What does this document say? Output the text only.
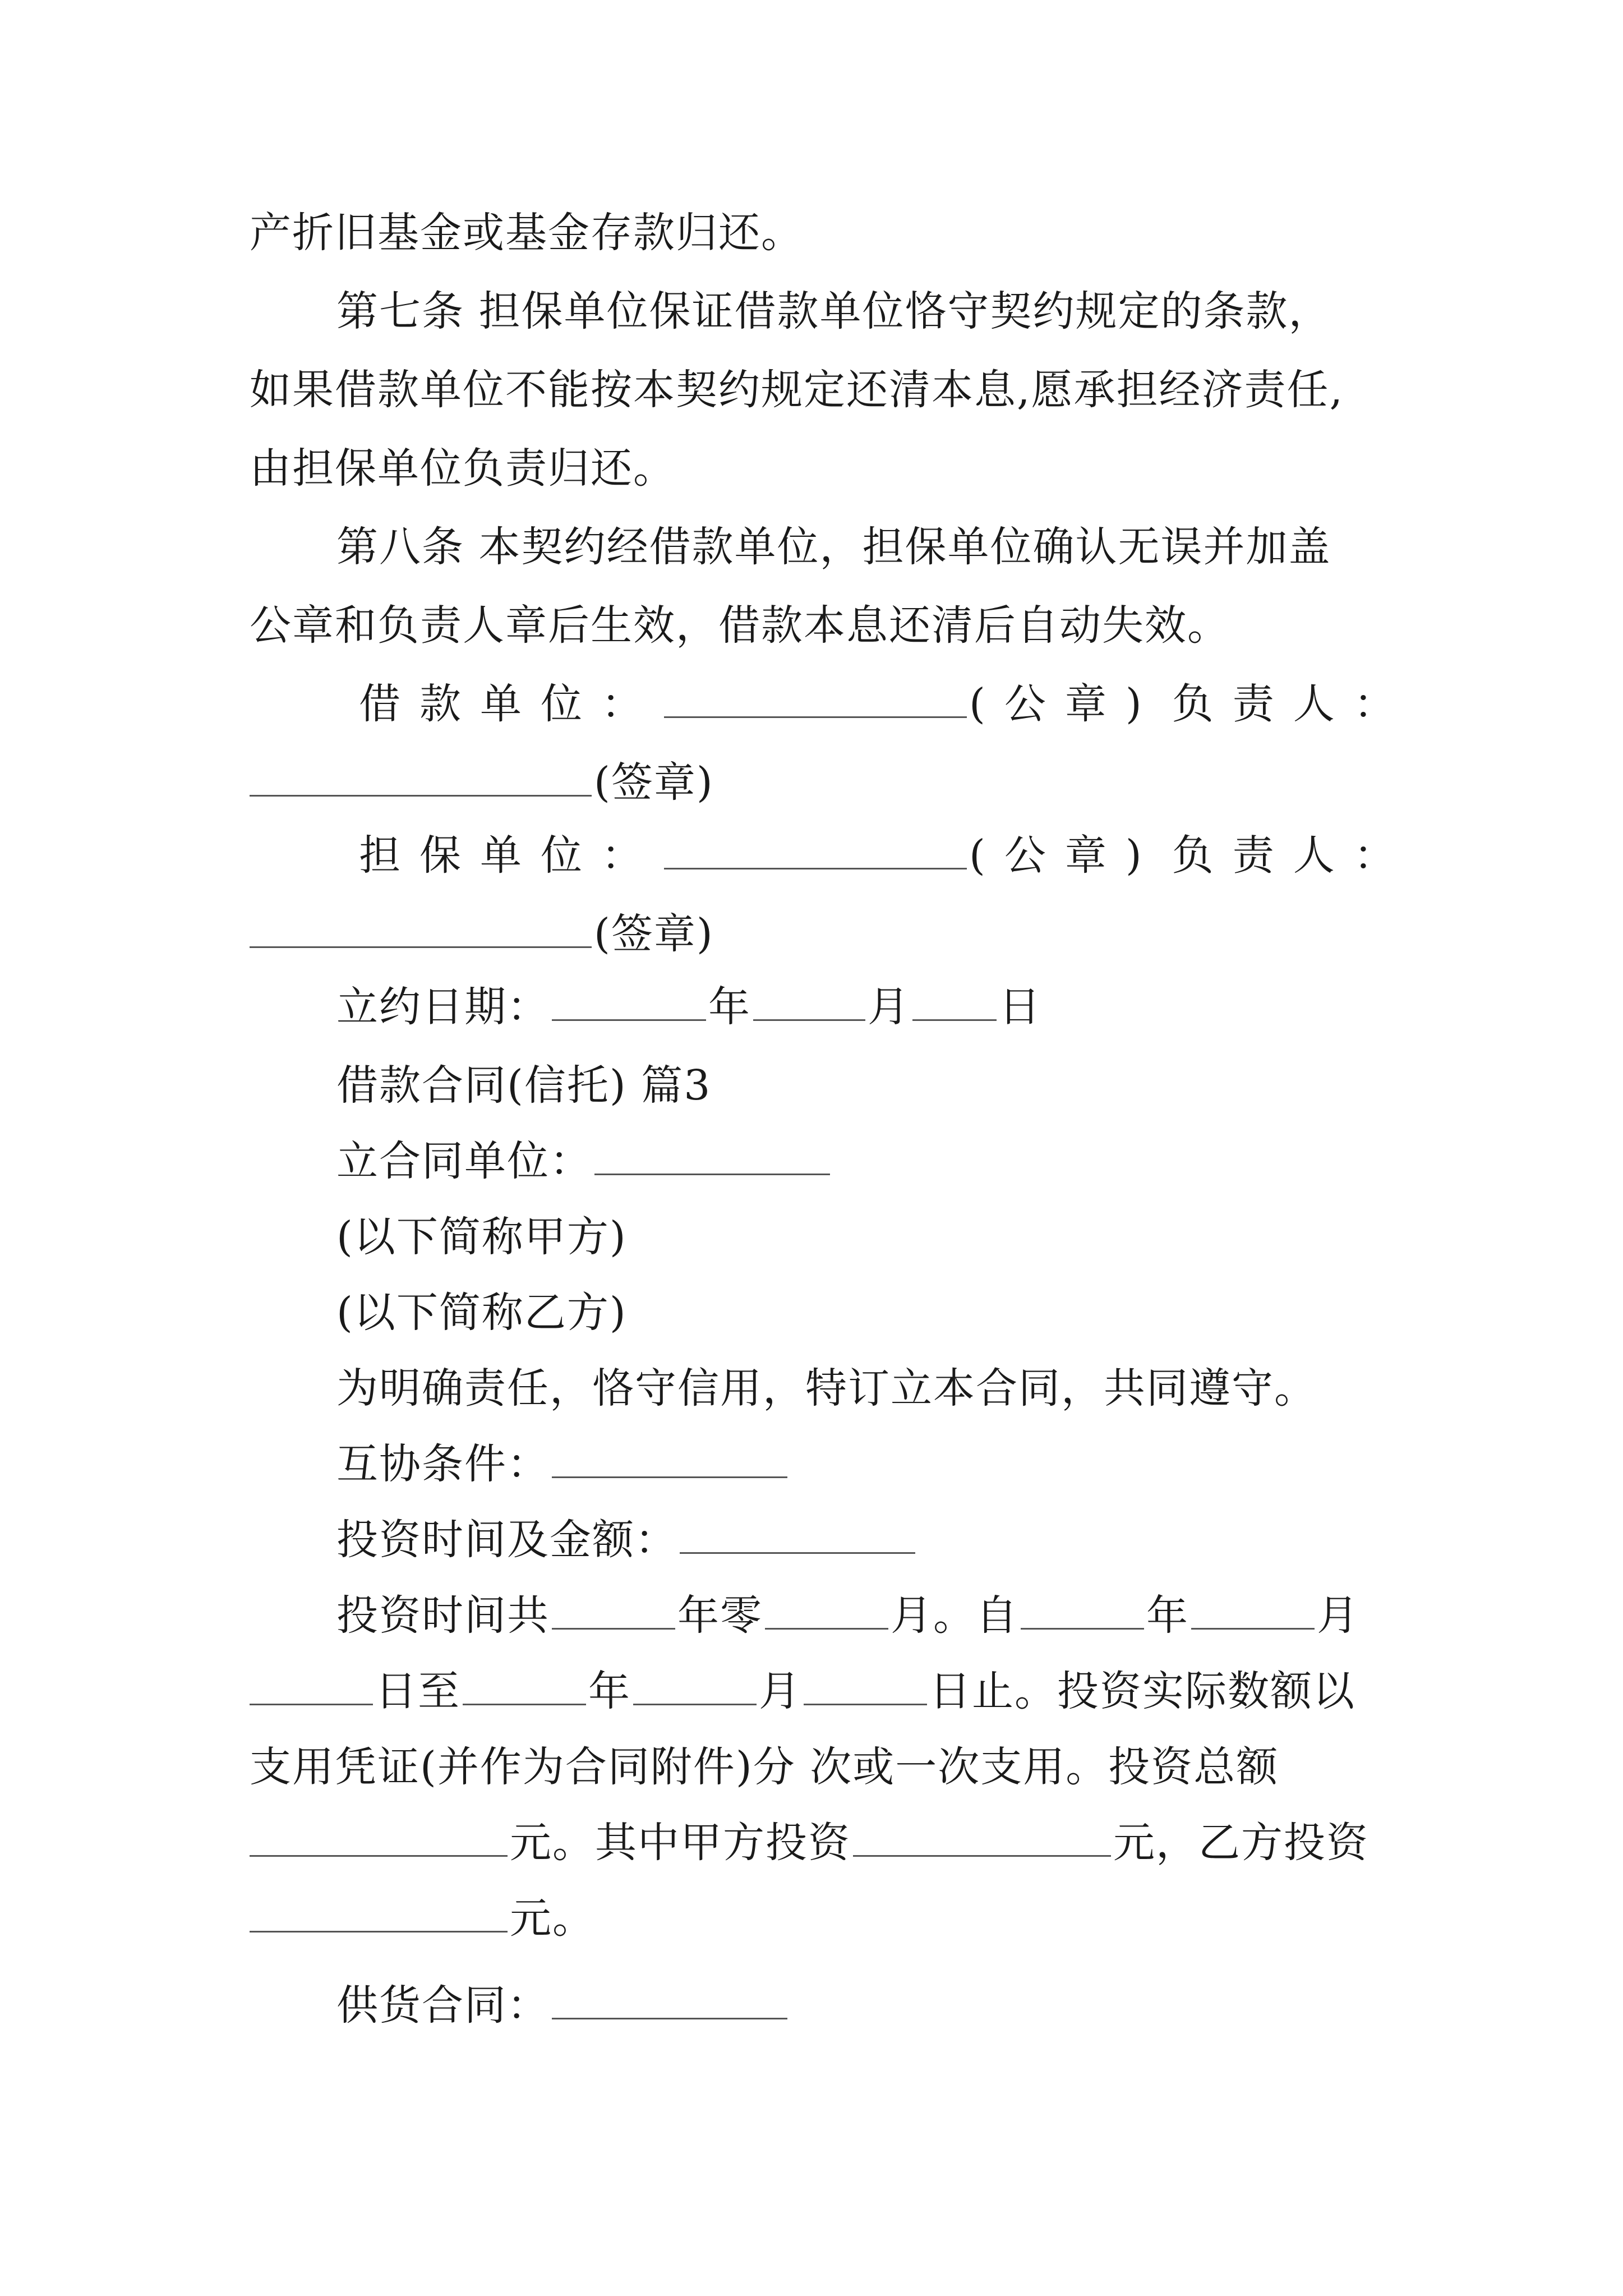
产折旧基金或基金存款归还。
第七条 担保单位保证借款单位恪守契约规定的条款，
如果借款单位不能按本契约规定还清本息,愿承担经济责任,
由担保单位负责归还。
第八条 本契约经借款单位，担保单位确认无误并加盖
公章和负责人章后生效，借款本息还清后自动失效。
借款单位：	(公章) 负责人：
(签章)
担保单位：	(公章) 负责人：
(签章)
立约日期：	年	月 日
借款合同(信托) 篇3
立合同单位：
(以下简称甲方)
(以下简称乙方)
为明确责任，恪守信用，特订立本合同，共同遵守。
互协条件：
投资时间及金额：
投资时间共	年零	月。自	年	月
日至	年	月	日止。投资实际数额以
支用凭证(并作为合同附件)分 次或一次支用。投资总额
元。其中甲方投资	元，乙方投资
元。
供货合同：
